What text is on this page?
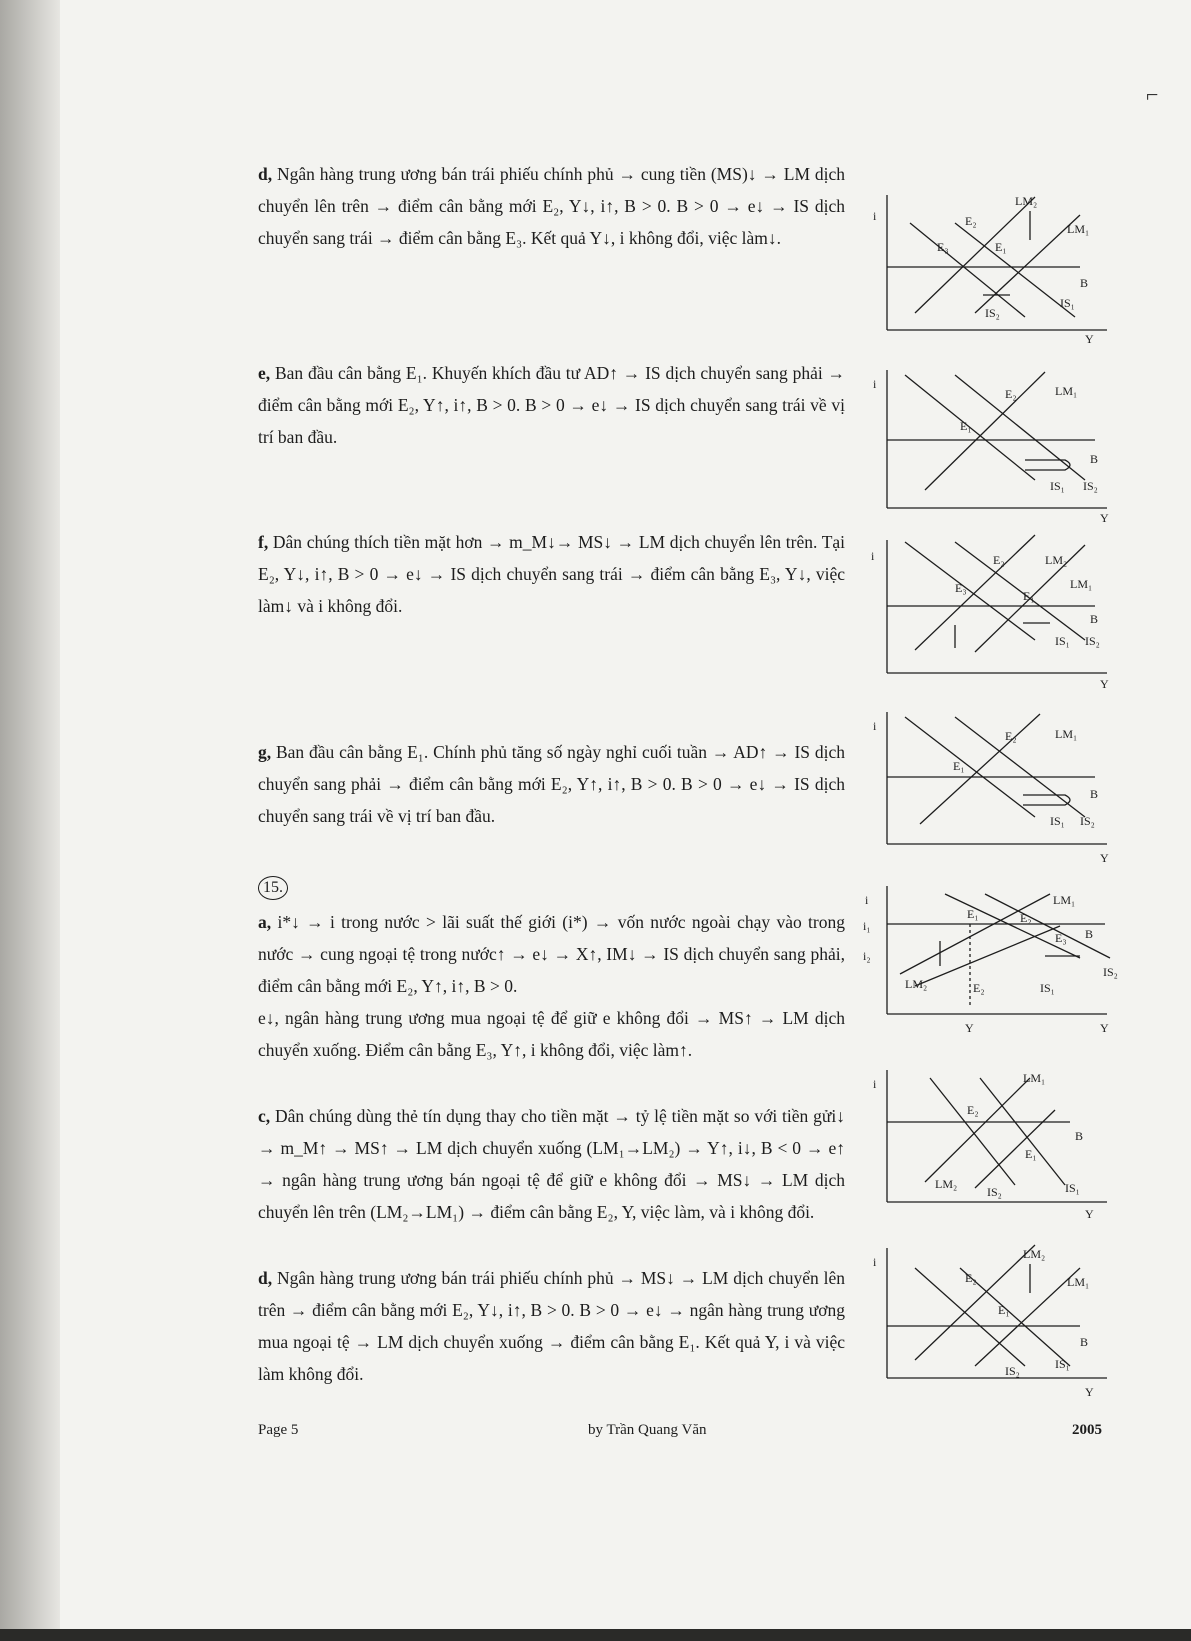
d, Ngân hàng trung ương bán trái phiếu chính phủ → cung tiền (MS)↓ → LM dịch chuyển lên trên → điểm cân bằng mới E₂, Y↓, i↑, B > 0. B > 0 → e↓ → IS dịch chuyển sang trái → điểm cân bằng E₃. Kết quả Y↓, i không đổi, việc làm↓.
e, Ban đầu cân bằng E₁. Khuyến khích đầu tư AD↑ → IS dịch chuyển sang phải → điểm cân bằng mới E₂, Y↑, i↑, B > 0. B > 0 → e↓ → IS dịch chuyển sang trái về vị trí ban đầu.
f, Dân chúng thích tiền mặt hơn → m_M↓→ MS↓ → LM dịch chuyển lên trên. Tại E₂, Y↓, i↑, B > 0 → e↓ → IS dịch chuyển sang trái → điểm cân bằng E₃, Y↓, việc làm↓ và i không đổi.
g, Ban đầu cân bằng E₁. Chính phủ tăng số ngày nghỉ cuối tuần → AD↑ → IS dịch chuyển sang phải → điểm cân bằng mới E₂, Y↑, i↑, B > 0. B > 0 → e↓ → IS dịch chuyển sang trái về vị trí ban đầu.
15.
a, i*↓ → i trong nước > lãi suất thế giới (i*) → vốn nước ngoài chạy vào trong nước → cung ngoại tệ trong nước↑ → e↓ → X↑, IM↓ → IS dịch chuyển sang phải, điểm cân bằng mới E₂, Y↑, i↑, B > 0.
e↓, ngân hàng trung ương mua ngoại tệ để giữ e không đổi → MS↑ → LM dịch chuyển xuống. Điểm cân bằng E₃, Y↑, i không đổi, việc làm↑.
c, Dân chúng dùng thẻ tín dụng thay cho tiền mặt → tỷ lệ tiền mặt so với tiền gửi↓ → m_M↑ → MS↑ → LM dịch chuyển xuống (LM₁→LM₂) → Y↑, i↓, B < 0 → e↑ → ngân hàng trung ương bán ngoại tệ để giữ e không đổi → MS↓ → LM dịch chuyển lên trên (LM₂→LM₁) → điểm cân bằng E₂, Y, việc làm, và i không đổi.
d, Ngân hàng trung ương bán trái phiếu chính phủ → MS↓ → LM dịch chuyển lên trên → điểm cân bằng mới E₂, Y↓, i↑, B > 0. B > 0 → e↓ → ngân hàng trung ương mua ngoại tệ → LM dịch chuyển xuống → điểm cân bằng E₁. Kết quả Y, i và việc làm không đổi.
i
Y
LM₂
LM₁
E₂
E₃	E₁
B
IS₁
IS₂
i
Y
LM₁
E₂
E₁
B
IS₁ IS₂
i
Y
LM₂
LM₁
E₂
E₃
E₁
B
IS₁ IS₂
i
Y
LM₁
E₂
E₁
B
IS₁ IS₂
i
i₁
i₂
Y	Y
LM₁
LM₂
E₁	E₂
E₃ B
E₂	IS₁
IS₂
i
Y
LM₁
LM₂
E₂
E₁
B
IS₂	IS₁
i
Y
LM₂
LM₁
E₂
E₁
B
IS₂	IS₁
Page 5	by Trần Quang Văn	2005
⌐
